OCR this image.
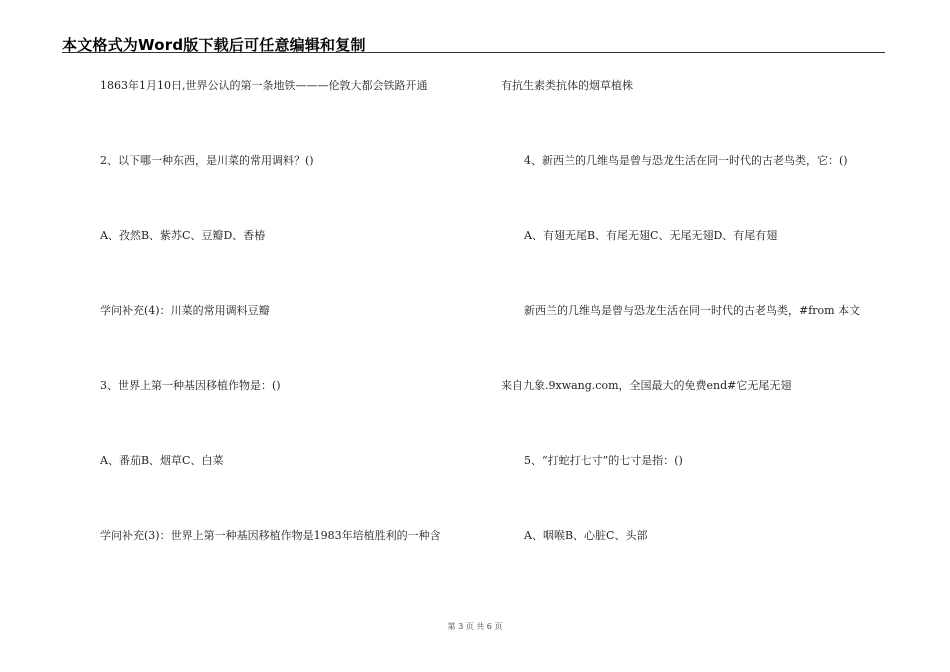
本文格式为Word版下载后可任意编辑和复制
1863年1月10日,世界公认的第一条地铁———伦敦大都会铁路开通
2、以下哪一种东西，是川菜的常用调料？()
A、孜然B、紫苏C、豆瓣D、香椿
学问补充(4)：川菜的常用调料豆瓣
3、世界上第一种基因移植作物是：()
A、番茄B、烟草C、白菜
学问补充(3)：世界上第一种基因移植作物是1983年培植胜利的一种含
有抗生素类抗体的烟草植株
4、新西兰的几维鸟是曾与恐龙生活在同一时代的古老鸟类，它：()
A、有翅无尾B、有尾无翅C、无尾无翅D、有尾有翅
新西兰的几维鸟是曾与恐龙生活在同一时代的古老鸟类，#from 本文
来自九象.9xwang.com，全国最大的免费end#它无尾无翅
5、“打蛇打七寸”的七寸是指：()
A、咽喉B、心脏C、头部
第 3 页 共 6 页
